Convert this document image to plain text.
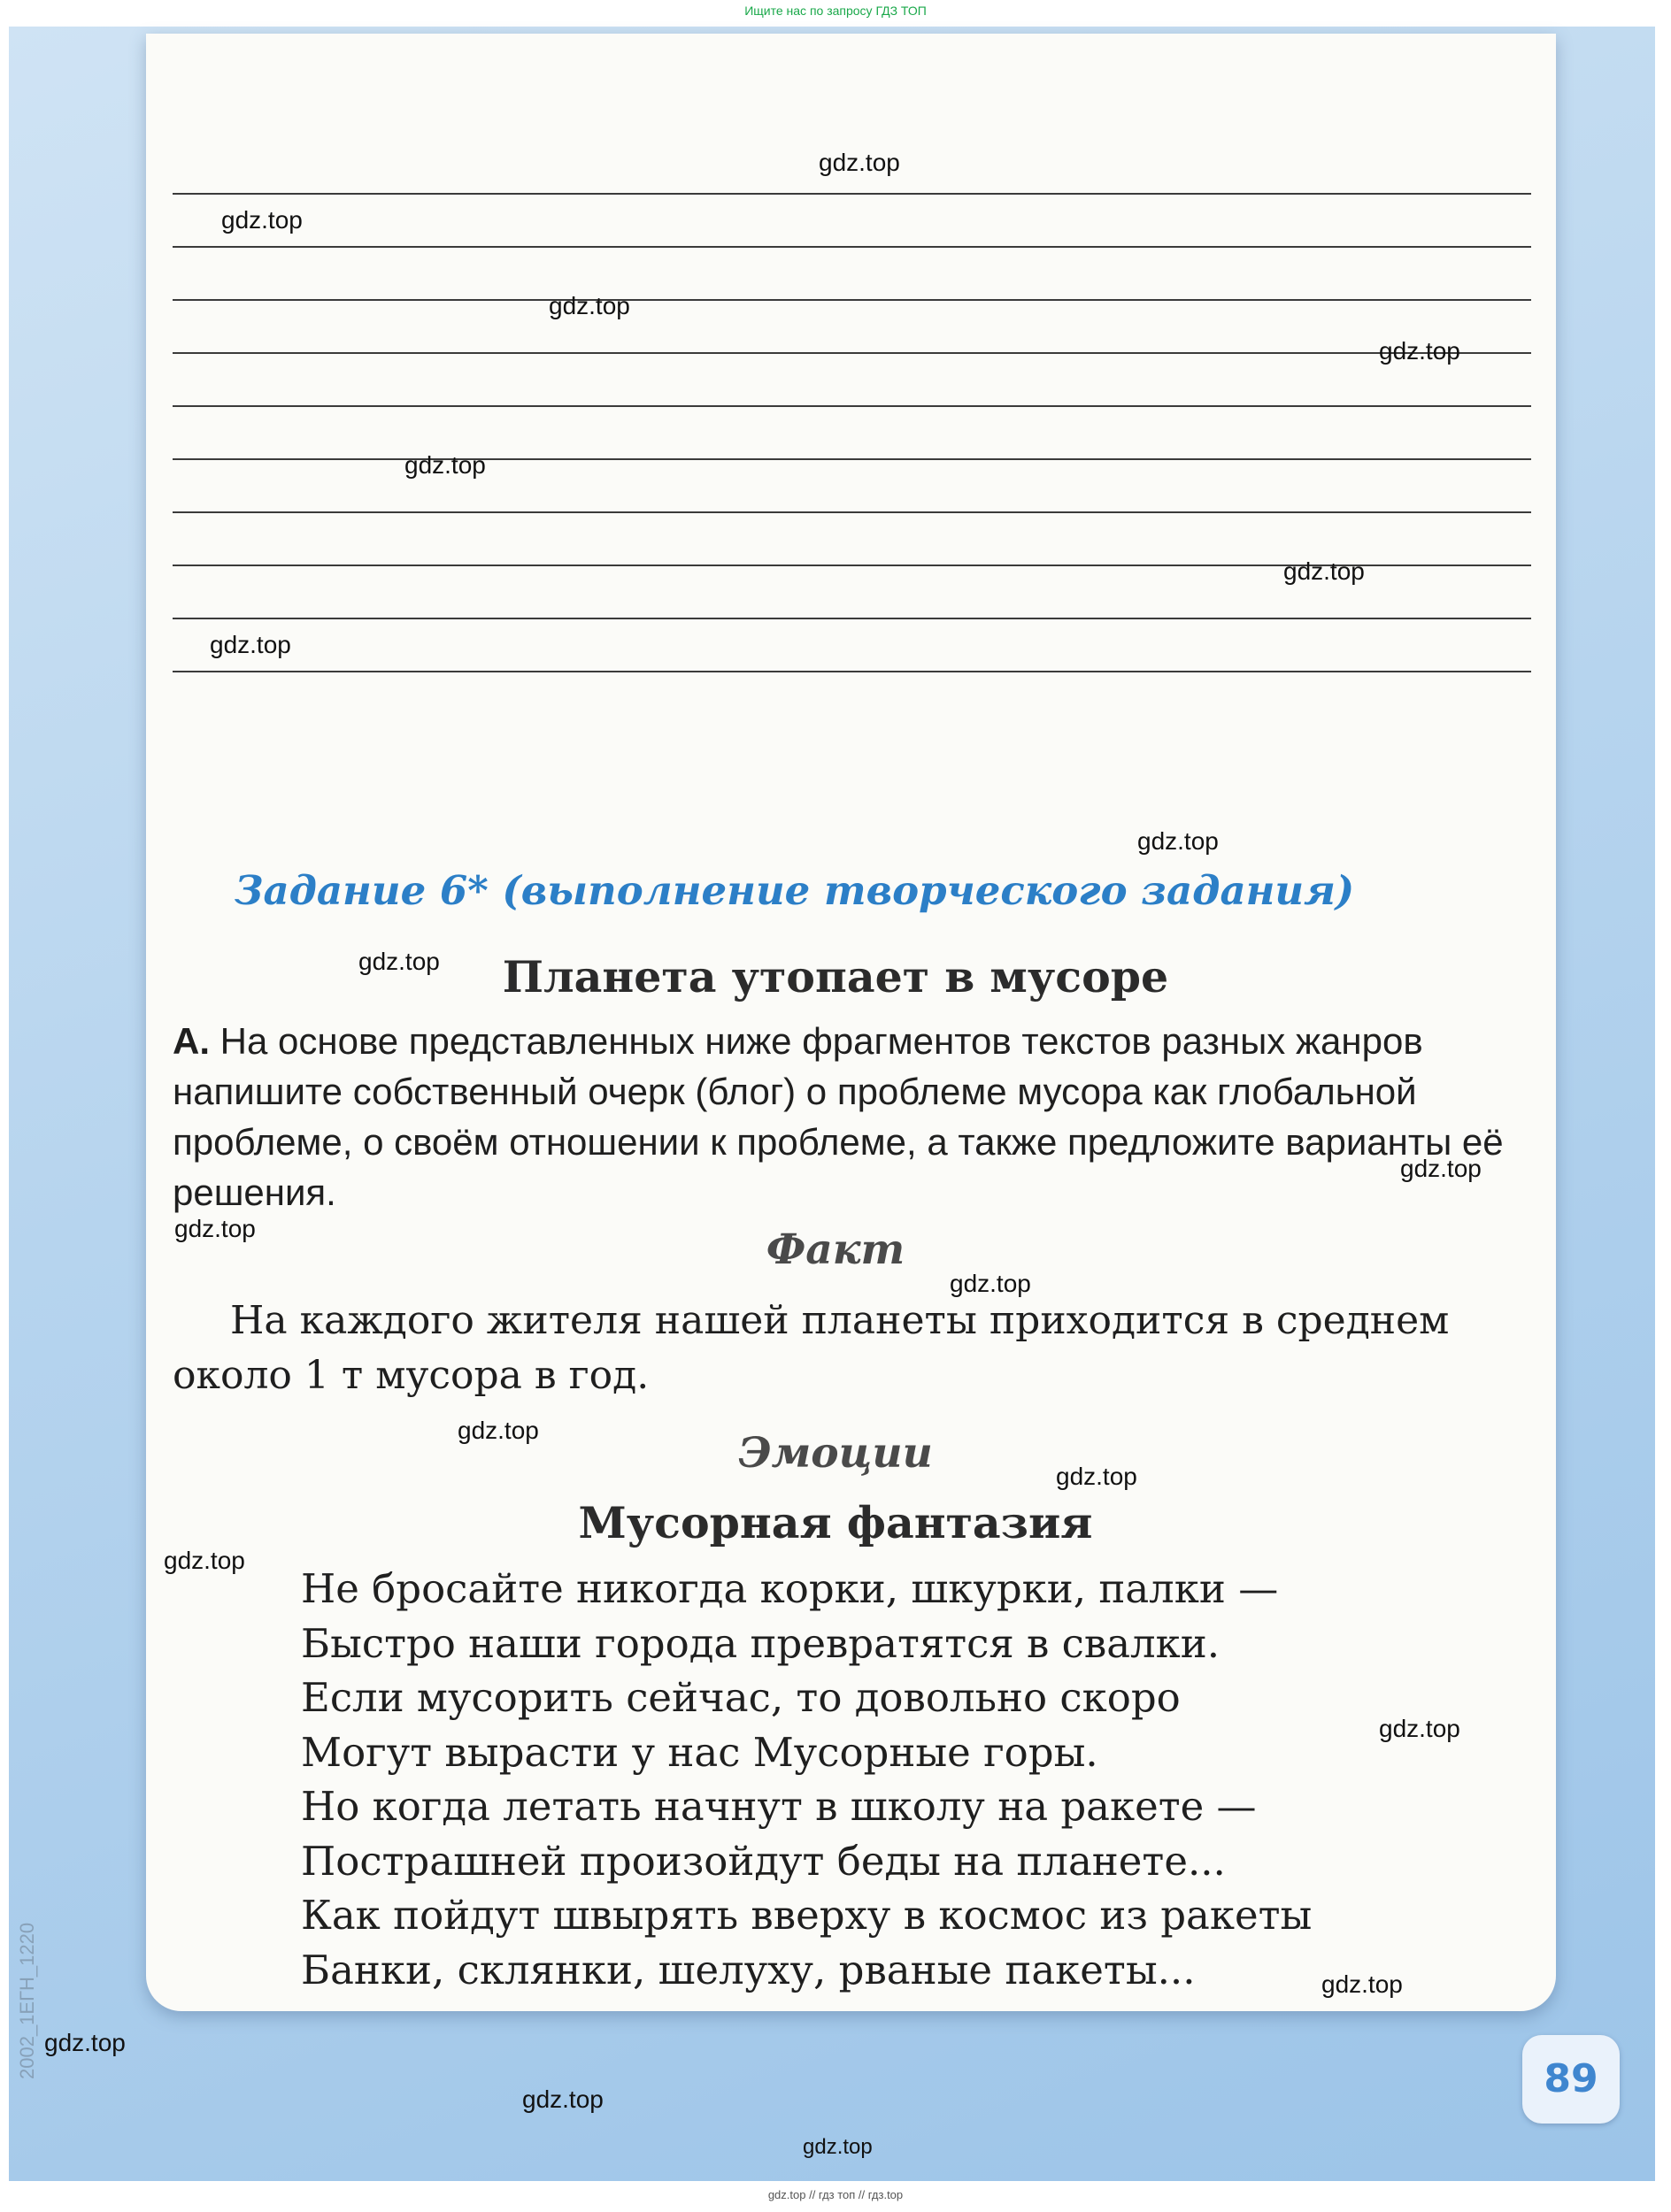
Ищите нас по запросу ГДЗ ТОП
2002_1ЕГН_1220
Задание 6* (выполнение творческого задания)
Планета утопает в мусоре
А. На основе представленных ниже фрагментов текстов разных жанров напишите собственный очерк (блог) о проблеме мусора как глобальной проблеме, о своём отношении к проблеме, а также предложите варианты её решения.
Факт
На каждого жителя нашей планеты приходится в среднем около 1 т мусора в год.
Эмоции
Мусорная фантазия
Не бросайте никогда корки, шкурки, палки —
Быстро наши города превратятся в свалки.
Если мусорить сейчас, то довольно скоро
Могут вырасти у нас Мусорные горы.
Но когда летать начнут в школу на ракете —
Пострашней произойдут беды на планете...
Как пойдут швырять вверху в космос из ракеты
Банки, склянки, шелуху, рваные пакеты...
89
gdz.top
gdz.top
gdz.top
gdz.top
gdz.top
gdz.top
gdz.top
gdz.top
gdz.top
gdz.top
gdz.top
gdz.top
gdz.top
gdz.top
gdz.top
gdz.top
gdz.top
gdz.top
gdz.top
gdz.top
gdz.top // гдз топ // гдз.top
